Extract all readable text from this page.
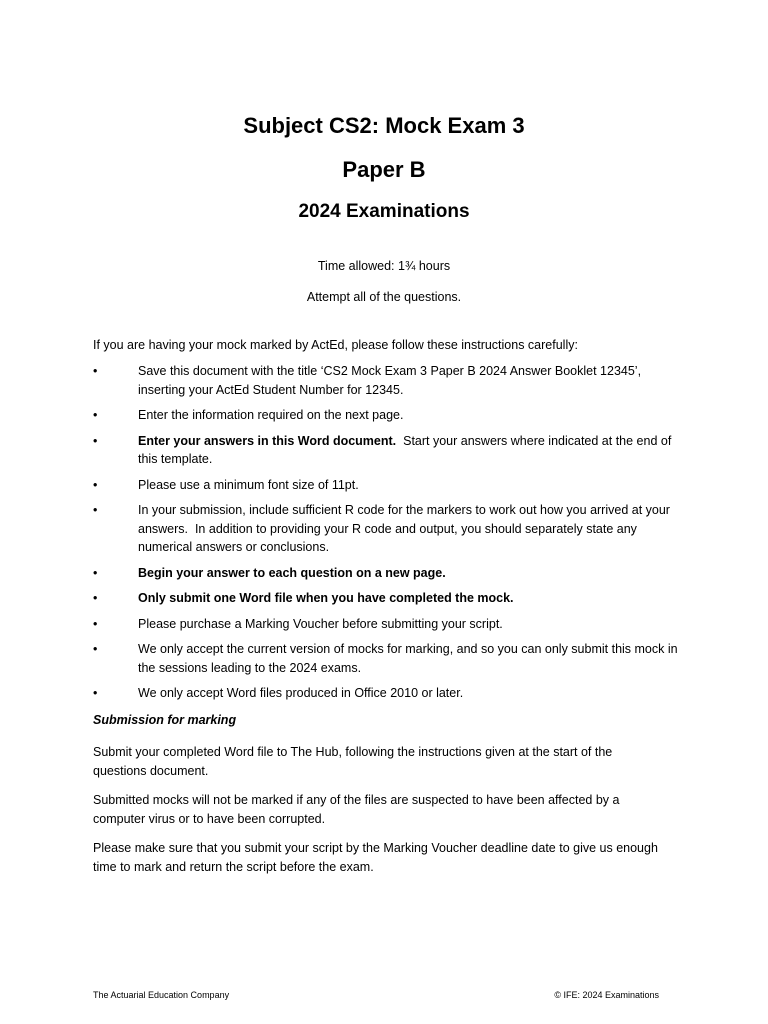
Subject CS2: Mock Exam 3
Paper B
2024 Examinations

Time allowed: 1¾ hours

Attempt all of the questions.

If you are having your mock marked by ActEd, please follow these instructions carefully:

•	Save this document with the title ‘CS2 Mock Exam 3 Paper B 2024 Answer Booklet 12345’, inserting your ActEd Student Number for 12345.
•	Enter the information required on the next page.
•	Enter your answers in this Word document.  Start your answers where indicated at the end of this template.
•	Please use a minimum font size of 11pt.
•	In your submission, include sufficient R code for the markers to work out how you arrived at your answers.  In addition to providing your R code and output, you should separately state any numerical answers or conclusions.
•	Begin your answer to each question on a new page.
•	Only submit one Word file when you have completed the mock.
•	Please purchase a Marking Voucher before submitting your script.
•	We only accept the current version of mocks for marking, and so you can only submit this mock in the sessions leading to the 2024 exams.
•	We only accept Word files produced in Office 2010 or later.

Submission for marking

Submit your completed Word file to The Hub, following the instructions given at the start of the questions document.

Submitted mocks will not be marked if any of the files are suspected to have been affected by a computer virus or to have been corrupted.

Please make sure that you submit your script by the Marking Voucher deadline date to give us enough time to mark and return the script before the exam.

The Actuarial Education Company	© IFE: 2024 Examinations
